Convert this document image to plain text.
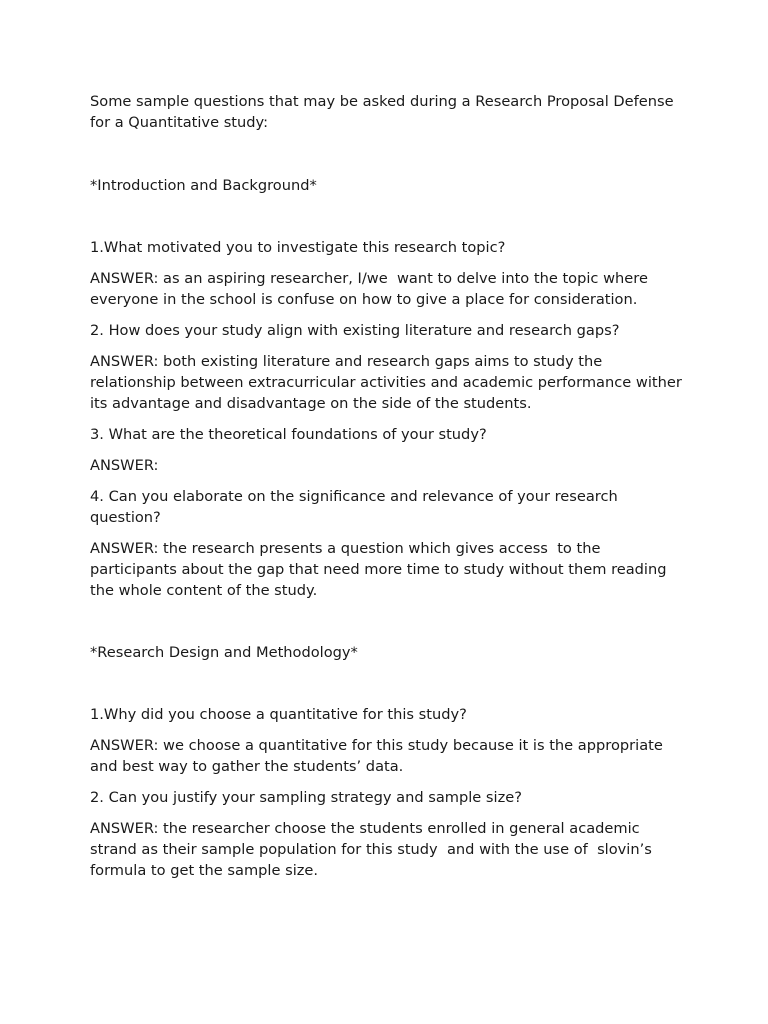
Some sample questions that may be asked during a Research Proposal Defense for a Quantitative study:

*Introduction and Background*

1.What motivated you to investigate this research topic?

ANSWER: as an aspiring researcher, I/we  want to delve into the topic where everyone in the school is confuse on how to give a place for consideration.

2. How does your study align with existing literature and research gaps?

ANSWER: both existing literature and research gaps aims to study the relationship between extracurricular activities and academic performance wither its advantage and disadvantage on the side of the students.

3. What are the theoretical foundations of your study?

ANSWER:

4. Can you elaborate on the significance and relevance of your research question?

ANSWER: the research presents a question which gives access  to the participants about the gap that need more time to study without them reading the whole content of the study.

*Research Design and Methodology*

1.Why did you choose a quantitative for this study?

ANSWER: we choose a quantitative for this study because it is the appropriate and best way to gather the students’ data.

2. Can you justify your sampling strategy and sample size?

ANSWER: the researcher choose the students enrolled in general academic strand as their sample population for this study  and with the use of  slovin’s formula to get the sample size.
